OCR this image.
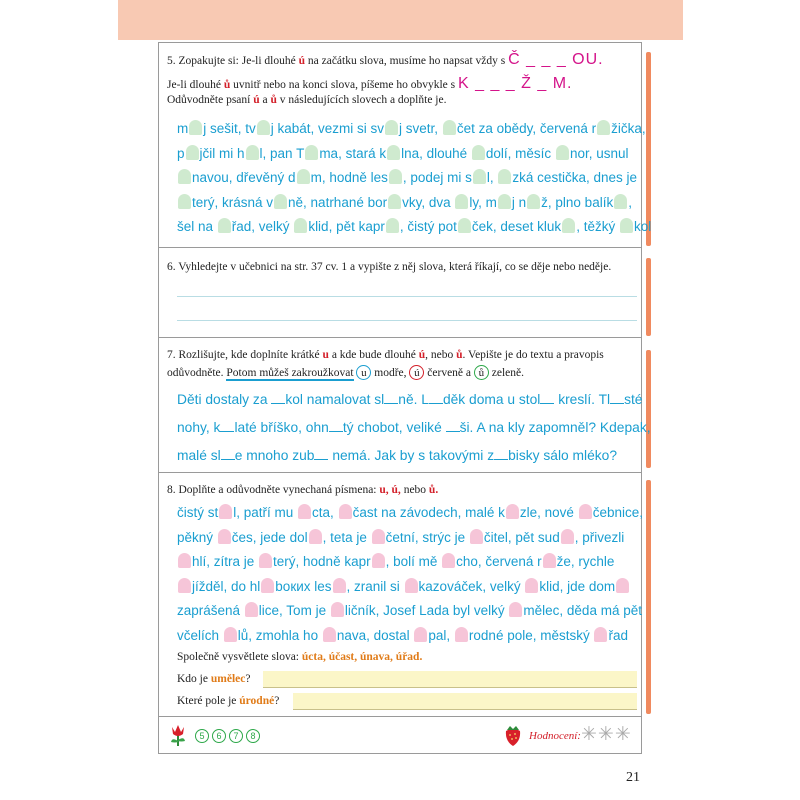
5. Zopakujte si: Je-li dlouhé ú na začátku slova, musíme ho napsat vždy s Č _ _ _ OU.
Je-li dlouhé ů uvnitř nebo na konci slova, píšeme ho obvykle s K _ _ _ Ž _ M.
Odůvodněte psaní ú a ů v následujících slovech a doplňte je.
m j sešit, tv j kabát, vezmi si sv j svetr, čet za obědy, červená r žička,
p jčil mi h l, pan T ma, stará k lna, dlouhé dolí, měsíc nor, usnul
navou, dřevěný d m, hodně les , podej mi s l, zká cestička, dnes je
terý, krásná v ně, natrhané bor vky, dva ly, m j n ž, plno balík ,
šel na řad, velký klid, pět kapr , čistý pot ček, deset kluk , těžký kol
6. Vyhledejte v učebnici na str. 37 cv. 1 a vypište z něj slova, která říkají, co se děje nebo neděje.
7. Rozlišujte, kde doplníte krátké u a kde bude dlouhé ú, nebo ů. Vepište je do textu a pravopis
odůvodněte. Potom můžeš zakroužkovat u modře, ú červeně a ů zeleně.
Děti dostaly za kol namalovat sl ně. L děk doma u stol kreslí. Tl sté
nohy, k laté bříško, ohn tý chobot, veliké ši. A na kly zapomněl? Kdepak,
malé sl e mnoho zub nemá. Jak by s takovými z bisky sálo mléko?
8. Doplňte a odůvodněte vynechaná písmena: u, ú, nebo ů.
čistý st l, patří mu cta, čast na závodech, malé k zle, nové čebnice,
pěkný čes, jede dol , teta je četní, strýc je čitel, pět sud , přivezli
hlí, zítra je terý, hodně kapr , bolí mě cho, červená r že, rychle
jížděl, do hl boких les , zranil si kazováček, velký klid, jde dom
zaprášená lice, Tom je ličník, Josef Lada byl velký mělec, děda má pět
včelích lů, zmohla ho nava, dostal pal, rodné pole, městský řad
Společně vysvětlete slova: úcta, účast, únava, úřad.
Kdo je umělec?
Které pole je úrodné?
5 6 7 8	Hodnocení: ✳✳✳
21
